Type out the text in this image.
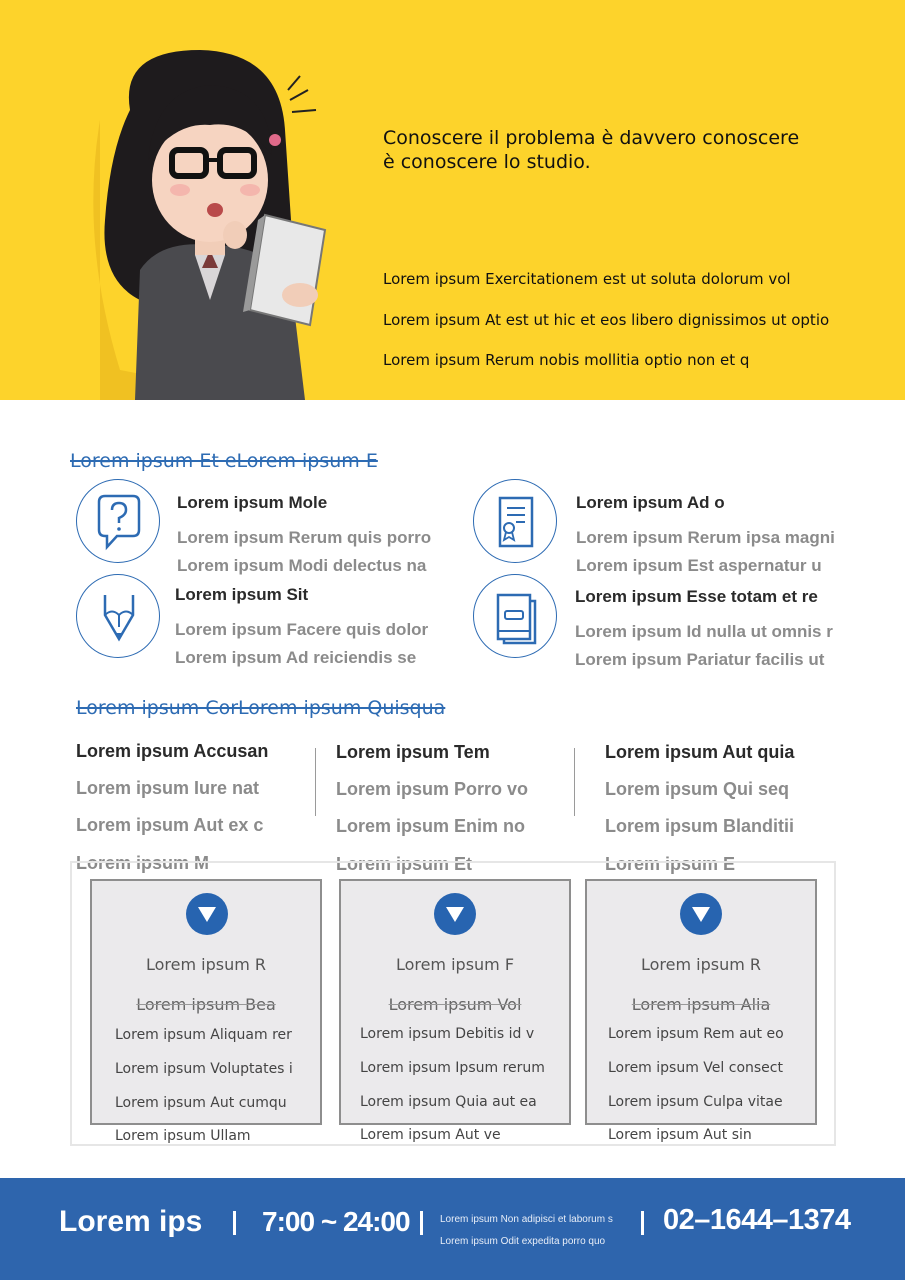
Conoscere il problema è davvero conoscere
è conoscere lo studio.
Lorem ipsum Exercitationem est ut soluta dolorum vol
Lorem ipsum At est ut hic et eos libero dignissimos ut optio
Lorem ipsum Rerum nobis mollitia optio non et q
Lorem ipsum Et eLorem ipsum E
Lorem ipsum Mole
Lorem ipsum Rerum quis porro
Lorem ipsum Modi delectus na
Lorem ipsum Ad o
Lorem ipsum Rerum ipsa magni
Lorem ipsum Est aspernatur u
Lorem ipsum Sit
Lorem ipsum Facere quis dolor
Lorem ipsum Ad reiciendis se
Lorem ipsum Esse totam et re
Lorem ipsum Id nulla ut omnis r
Lorem ipsum Pariatur facilis ut
Lorem ipsum CorLorem ipsum Quisqua
Lorem ipsum Accusan
Lorem ipsum Iure nat
Lorem ipsum Aut ex c
Lorem ipsum M
Lorem ipsum Tem
Lorem ipsum Porro vo
Lorem ipsum Enim no
Lorem ipsum Et
Lorem ipsum Aut quia
Lorem ipsum Qui seq
Lorem ipsum Blanditii
Lorem ipsum E
Lorem ipsum R
Lorem ipsum Bea
Lorem ipsum Aliquam rer
Lorem ipsum Voluptates i
Lorem ipsum Aut cumqu
Lorem ipsum Ullam
Lorem ipsum F
Lorem ipsum Vol
Lorem ipsum Debitis id v
Lorem ipsum Ipsum rerum
Lorem ipsum Quia aut ea
Lorem ipsum Aut ve
Lorem ipsum R
Lorem ipsum Alia
Lorem ipsum Rem aut eo
Lorem ipsum Vel consect
Lorem ipsum Culpa vitae
Lorem ipsum Aut sin
Lorem ips 7:00 ~ 24:00	Lorem ipsum Non adipisci et laborum s
Lorem ipsum Odit expedita porro quo
02–1644–1374
